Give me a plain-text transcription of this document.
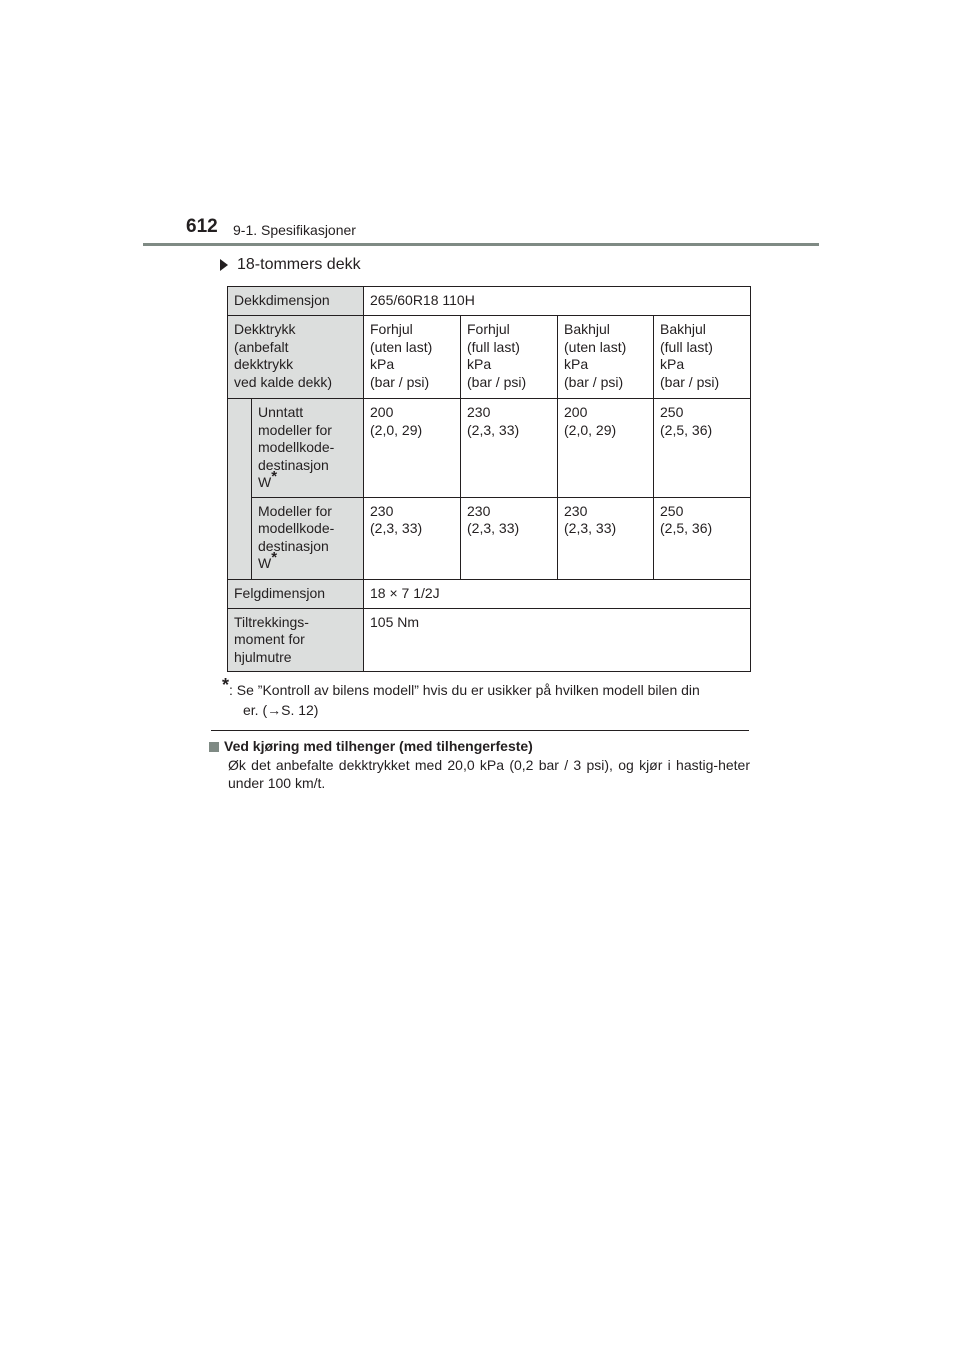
612 9-1. Spesifikasjoner
18-tommers dekk
Dekkdimensjon		265/60R18 110H			
Dekktrykk
(anbefalt
dekktrykk
ved kalde dekk)		Forhjul
(uten last)
kPa
(bar / psi)	Forhjul
(full last)
kPa
(bar / psi)	Bakhjul
(uten last)
kPa
(bar / psi)	Bakhjul
(full last)
kPa
(bar / psi)
	Unntatt
modeller for
modellkode-
destinasjon
W*	200
(2,0, 29)	230
(2,3, 33)	200
(2,0, 29)	250
(2,5, 36)
	Modeller for
modellkode-
destinasjon
W*	230
(2,3, 33)	230
(2,3, 33)	230
(2,3, 33)	250
(2,5, 36)
Felgdimensjon		18 × 7 1/2J			
Tiltrekkings-
moment for
hjulmutre		105 Nm			
*: Se ”Kontroll av bilens modell” hvis du er usikker på hvilken modell bilen din
er. (→S. 12)
Ved kjøring med tilhenger (med tilhengerfeste)
Øk det anbefalte dekktrykket med 20,0 kPa (0,2 bar / 3 psi), og kjør i hastig-heter under 100 km/t.
